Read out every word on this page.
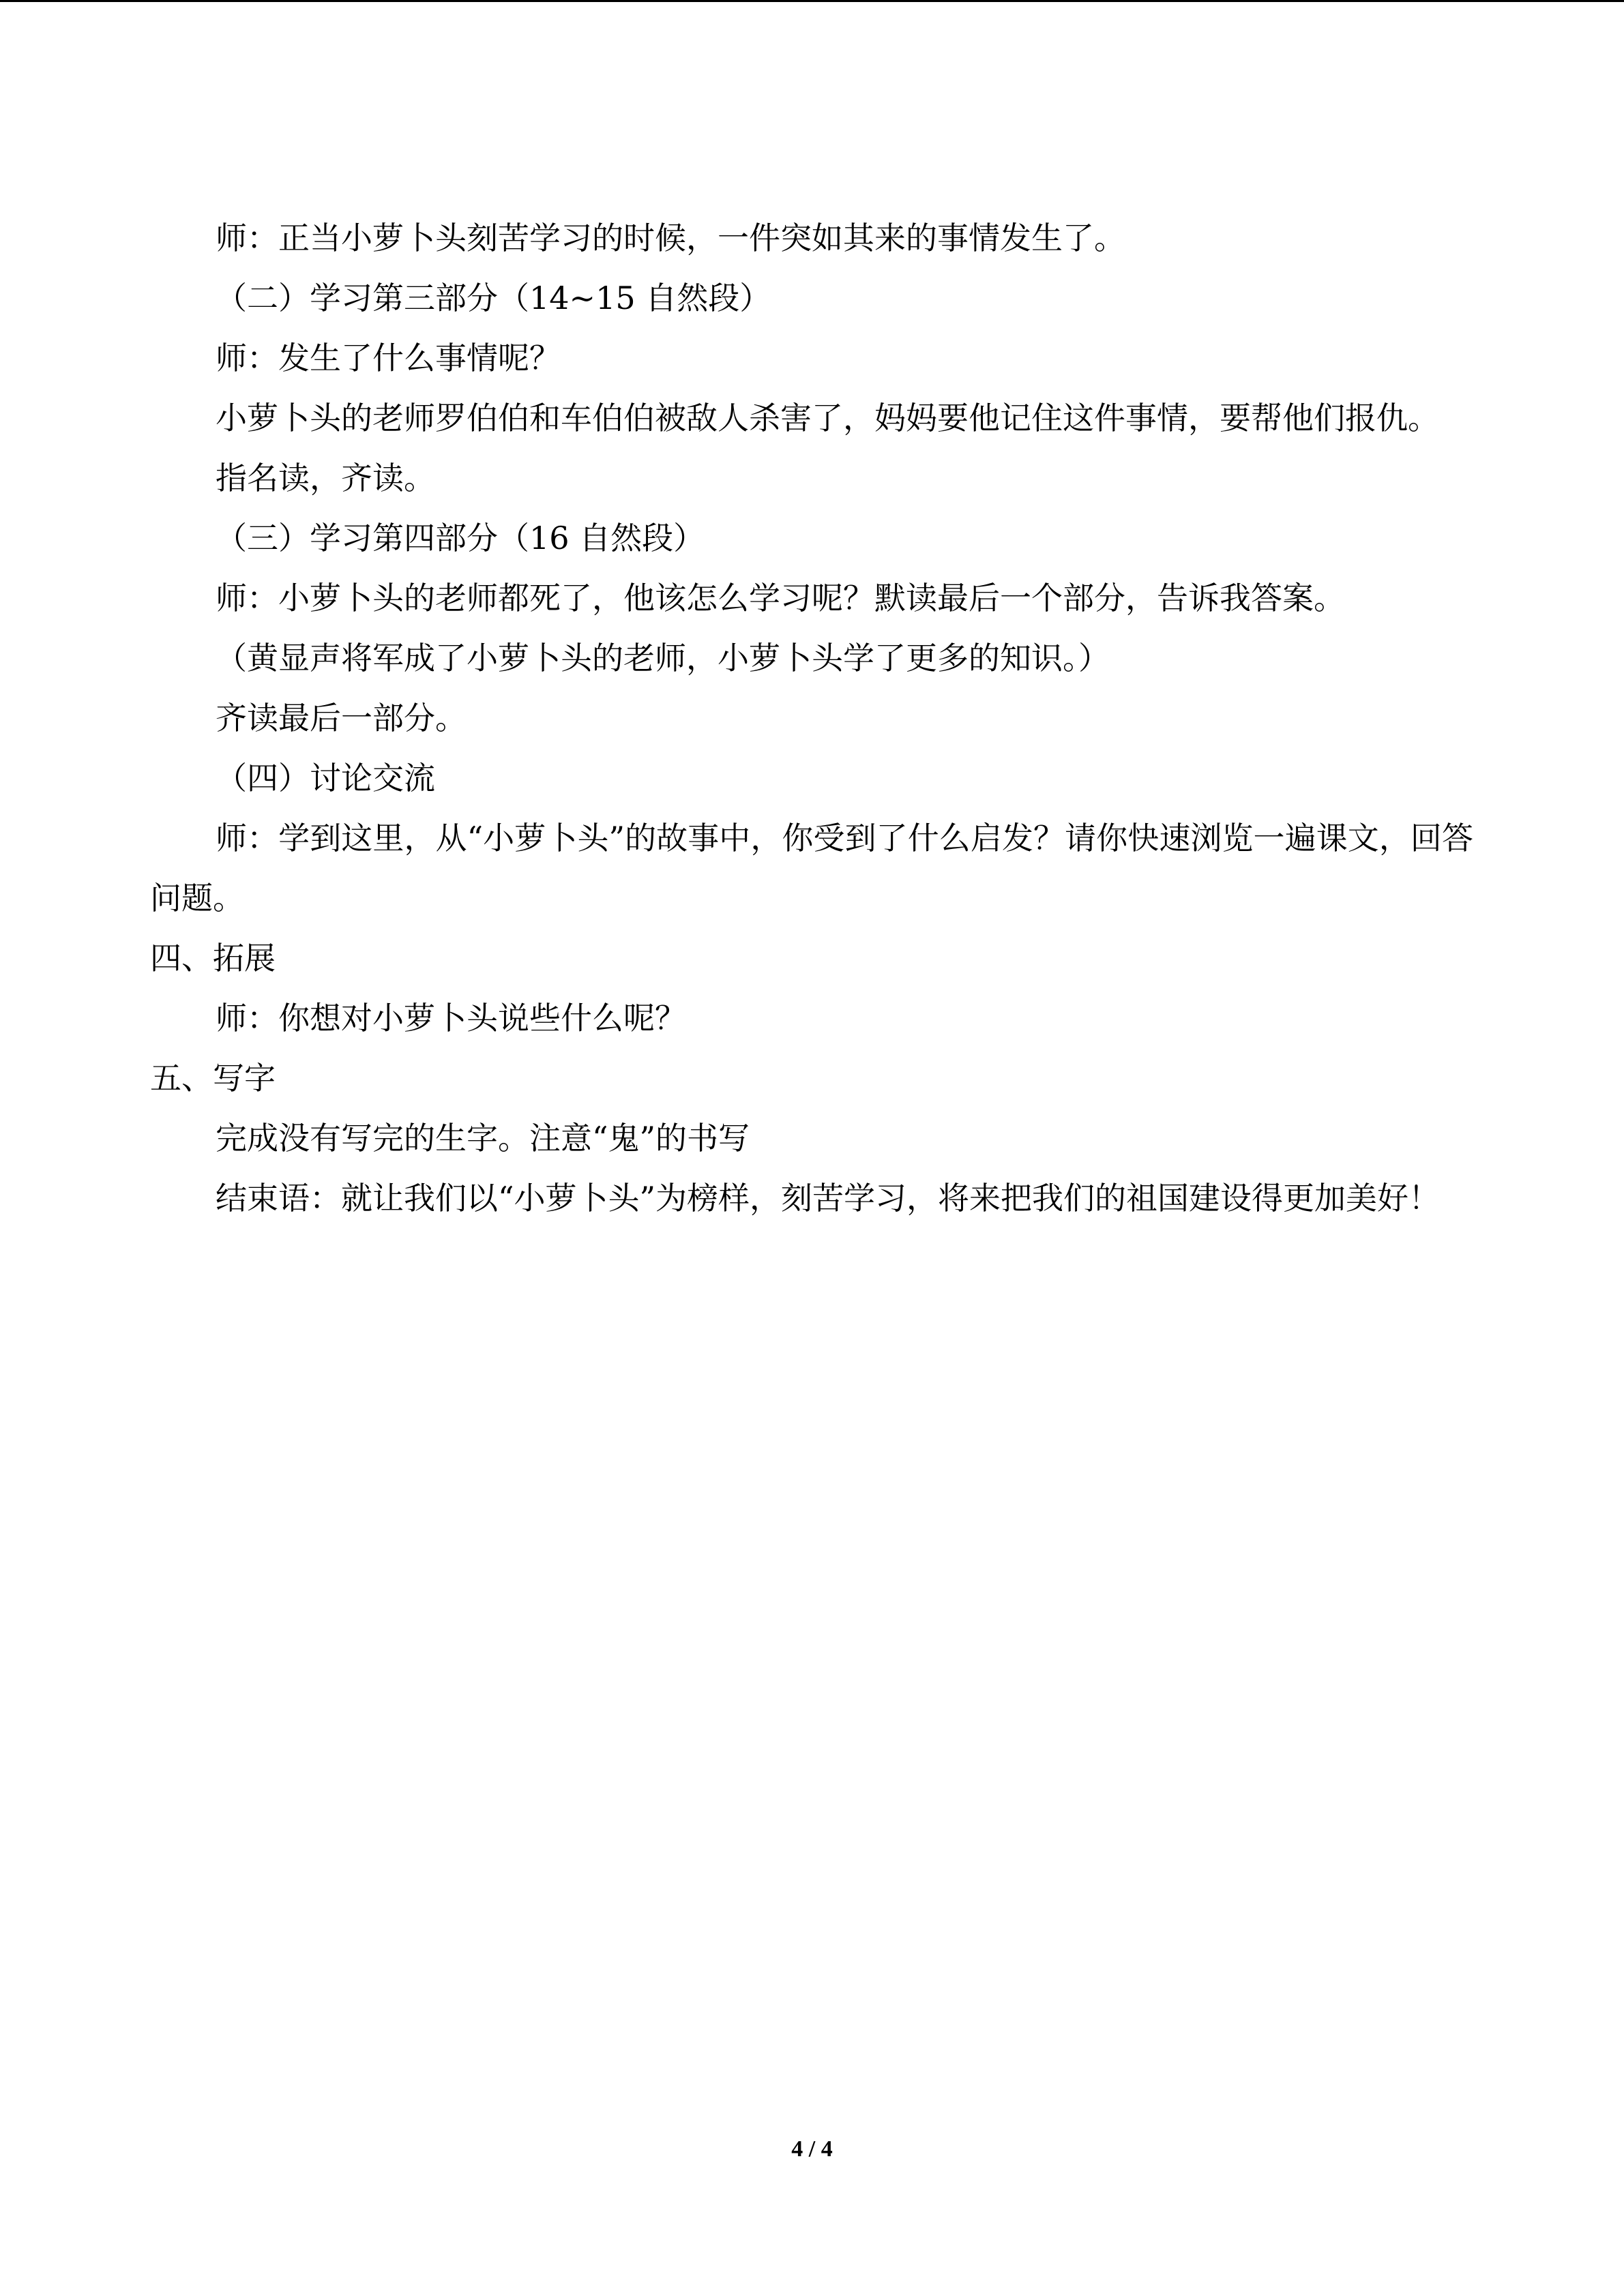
师：正当小萝卜头刻苦学习的时候，一件突如其来的事情发生了。

（二）学习第三部分（14~15 自然段）

师：发生了什么事情呢？

小萝卜头的老师罗伯伯和车伯伯被敌人杀害了，妈妈要他记住这件事情，要帮他们报仇。

指名读，齐读。

（三）学习第四部分（16 自然段）

师：小萝卜头的老师都死了，他该怎么学习呢？默读最后一个部分，告诉我答案。

（黄显声将军成了小萝卜头的老师，小萝卜头学了更多的知识。）

齐读最后一部分。

（四）讨论交流

师：学到这里，从“小萝卜头”的故事中，你受到了什么启发？请你快速浏览一遍课文，回答问题。

四、拓展

师：你想对小萝卜头说些什么呢？

五、写字

完成没有写完的生字。注意“鬼”的书写

结束语：就让我们以“小萝卜头”为榜样，刻苦学习，将来把我们的祖国建设得更加美好！

4 / 4
